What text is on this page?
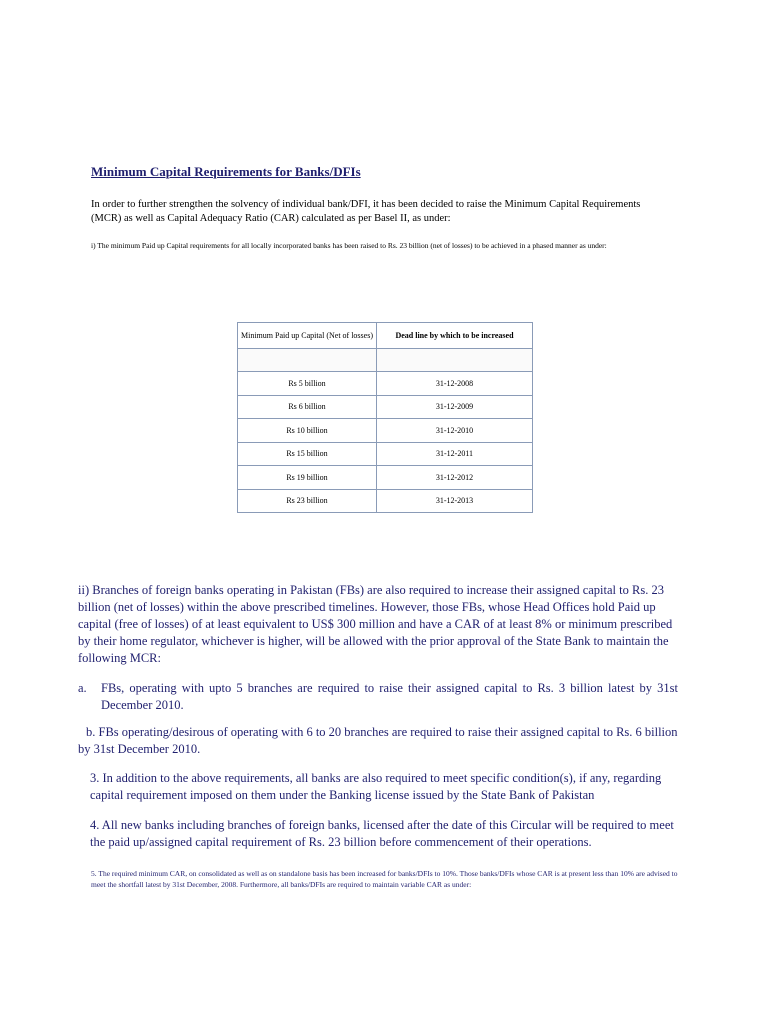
Minimum Capital Requirements for Banks/DFIs
In order to further strengthen the solvency of individual bank/DFI, it has been decided to raise the Minimum Capital Requirements (MCR) as well as Capital Adequacy Ratio (CAR) calculated as per Basel II, as under:
i) The minimum Paid up Capital requirements for all locally incorporated banks has been raised to Rs. 23 billion (net of losses) to be achieved in a phased manner as under:
Minimum Paid up Capital (Net of losses)	Dead line by which to be increased

Rs 5 billion	31-12-2008
Rs 6 billion	31-12-2009
Rs 10 billion	31-12-2010
Rs 15 billion	31-12-2011
Rs 19 billion	31-12-2012
Rs 23 billion	31-12-2013
ii) Branches of foreign banks operating in Pakistan (FBs) are also required to increase their assigned capital to Rs. 23 billion (net of losses) within the above prescribed timelines. However, those FBs, whose Head Offices hold Paid up capital (free of losses) of at least equivalent to US$ 300 million and have a CAR of at least 8% or minimum prescribed by their home regulator, whichever is higher, will be allowed with the prior approval of the State Bank to maintain the following MCR:
a. FBs, operating with upto 5 branches are required to raise their assigned capital to Rs. 3 billion latest by 31st December 2010.
b. FBs operating/desirous of operating with 6 to 20 branches are required to raise their assigned capital to Rs. 6 billion by 31st December 2010.
3. In addition to the above requirements, all banks are also required to meet specific condition(s), if any, regarding capital requirement imposed on them under the Banking license issued by the State Bank of Pakistan
4. All new banks including branches of foreign banks, licensed after the date of this Circular will be required to meet the paid up/assigned capital requirement of Rs. 23 billion before commencement of their operations.
5. The required minimum CAR, on consolidated as well as on standalone basis has been increased for banks/DFIs to 10%. Those banks/DFIs whose CAR is at present less than 10% are advised to meet the shortfall latest by 31st December, 2008. Furthermore, all banks/DFIs are required to maintain variable CAR as under:
